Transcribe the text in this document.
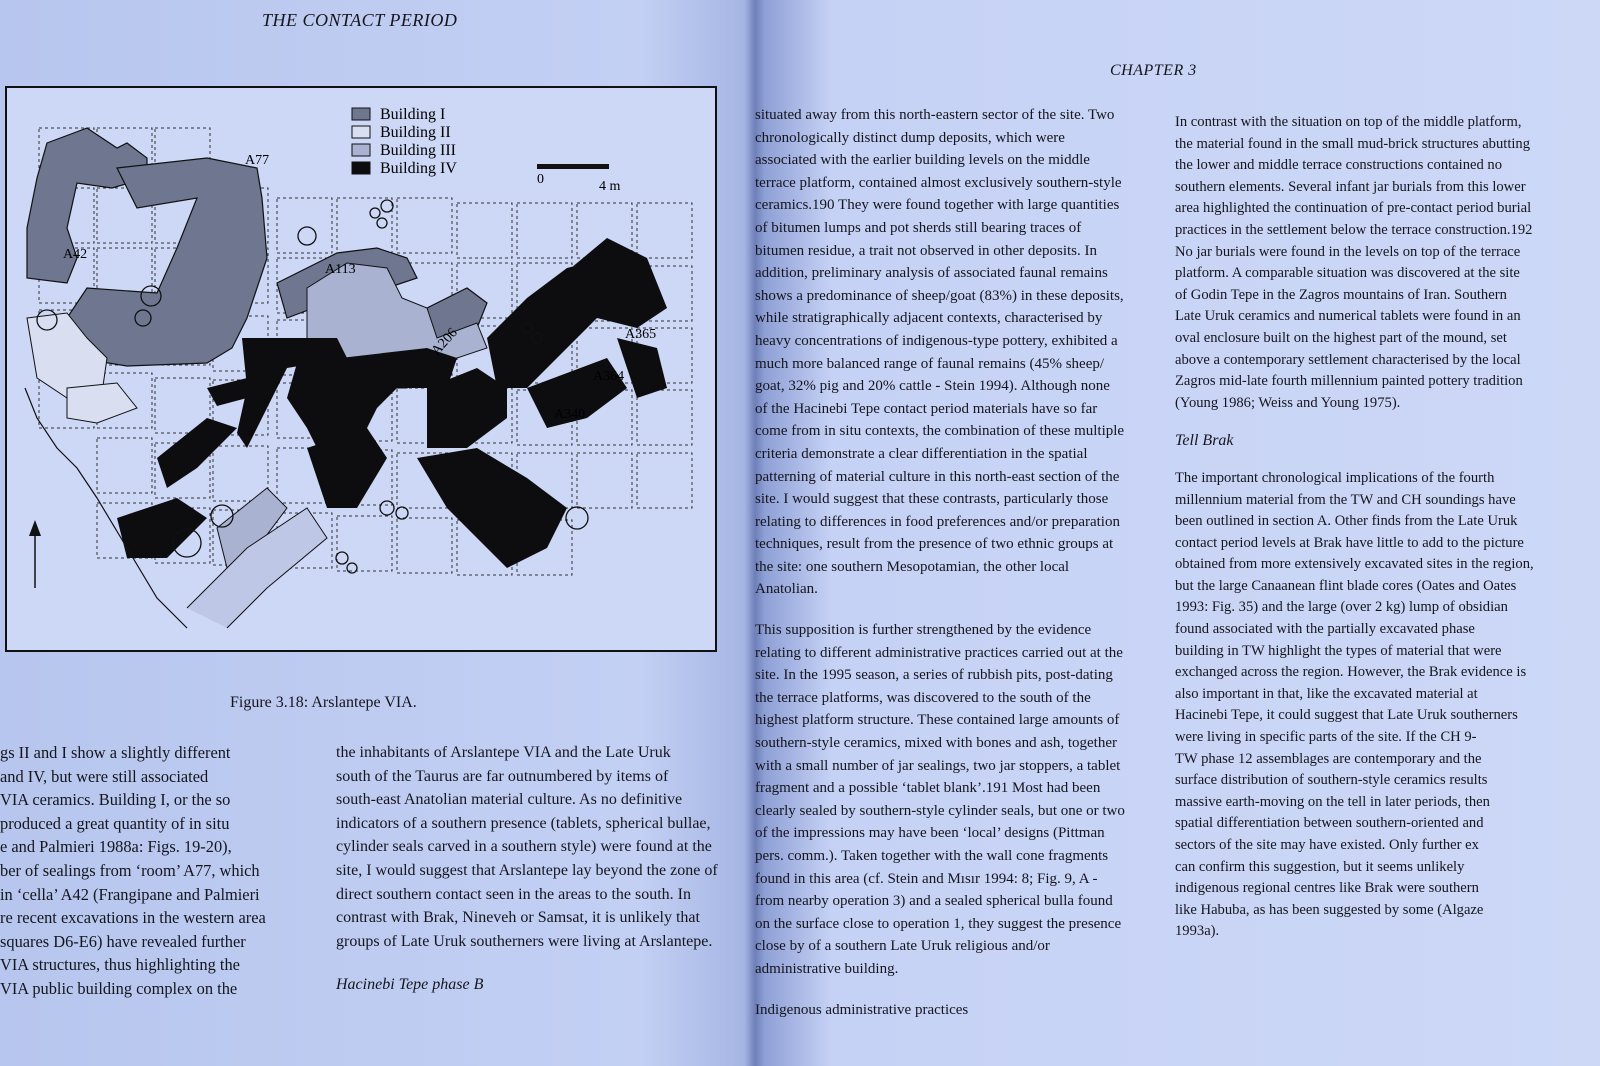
THE CONTACT PERIOD
Building I
Building II
Building III
Building IV
0	4 m
A77
A42
A113
A206	A365
A364
A340
Figure 3.18: Arslantepe VIA.
gs II and I show a slightly different
and IV, but were still associated
VIA ceramics. Building I, or the so
produced a great quantity of in situ
e and Palmieri 1988a: Figs. 19-20),
ber of sealings from ‘room’ A77, which
in ‘cella’ A42 (Frangipane and Palmieri
re recent excavations in the western area
squares D6-E6) have revealed further
VIA structures, thus highlighting the
VIA public building complex on the
the inhabitants of Arslantepe VIA and the Late Uruk
south of the Taurus are far outnumbered by items of
south-east Anatolian material culture. As no definitive
indicators of a southern presence (tablets, spherical bullae,
cylinder seals carved in a southern style) were found at the
site, I would suggest that Arslantepe lay beyond the zone of
direct southern contact seen in the areas to the south. In
contrast with Brak, Nineveh or Samsat, it is unlikely that
groups of Late Uruk southerners were living at Arslantepe.
Hacinebi Tepe phase B
CHAPTER 3
situated away from this north-eastern sector of the site. Two
chronologically distinct dump deposits, which were
associated with the earlier building levels on the middle
terrace platform, contained almost exclusively southern-style
ceramics.190 They were found together with large quantities
of bitumen lumps and pot sherds still bearing traces of
bitumen residue, a trait not observed in other deposits. In
addition, preliminary analysis of associated faunal remains
shows a predominance of sheep/goat (83%) in these deposits,
while stratigraphically adjacent contexts, characterised by
heavy concentrations of indigenous-type pottery, exhibited a
much more balanced range of faunal remains (45% sheep/
goat, 32% pig and 20% cattle - Stein 1994). Although none
of the Hacinebi Tepe contact period materials have so far
come from in situ contexts, the combination of these multiple
criteria demonstrate a clear differentiation in the spatial
patterning of material culture in this north-east section of the
site. I would suggest that these contrasts, particularly those
relating to differences in food preferences and/or preparation
techniques, result from the presence of two ethnic groups at
the site: one southern Mesopotamian, the other local
Anatolian.
This supposition is further strengthened by the evidence
relating to different administrative practices carried out at the
site. In the 1995 season, a series of rubbish pits, post-dating
the terrace platforms, was discovered to the south of the
highest platform structure. These contained large amounts of
southern-style ceramics, mixed with bones and ash, together
with a small number of jar sealings, two jar stoppers, a tablet
fragment and a possible ‘tablet blank’.191 Most had been
clearly sealed by southern-style cylinder seals, but one or two
of the impressions may have been ‘local’ designs (Pittman
pers. comm.). Taken together with the wall cone fragments
found in this area (cf. Stein and Mısır 1994: 8; Fig. 9, A -
from nearby operation 3) and a sealed spherical bulla found
on the surface close to operation 1, they suggest the presence
close by of a southern Late Uruk religious and/or
administrative building.
Indigenous administrative practices
In contrast with the situation on top of the middle platform,
the material found in the small mud-brick structures abutting
the lower and middle terrace constructions contained no
southern elements. Several infant jar burials from this lower
area highlighted the continuation of pre-contact period burial
practices in the settlement below the terrace construction.192
No jar burials were found in the levels on top of the terrace
platform. A comparable situation was discovered at the site
of Godin Tepe in the Zagros mountains of Iran. Southern
Late Uruk ceramics and numerical tablets were found in an
oval enclosure built on the highest part of the mound, set
above a contemporary settlement characterised by the local
Zagros mid-late fourth millennium painted pottery tradition
(Young 1986; Weiss and Young 1975).
Tell Brak
The important chronological implications of the fourth
millennium material from the TW and CH soundings have
been outlined in section A. Other finds from the Late Uruk
contact period levels at Brak have little to add to the picture
obtained from more extensively excavated sites in the region,
but the large Canaanean flint blade cores (Oates and Oates
1993: Fig. 35) and the large (over 2 kg) lump of obsidian
found associated with the partially excavated phase
building in TW highlight the types of material that were
exchanged across the region. However, the Brak evidence is
also important in that, like the excavated material at
Hacinebi Tepe, it could suggest that Late Uruk southerners
were living in specific parts of the site. If the CH 9-
TW phase 12 assemblages are contemporary and the
surface distribution of southern-style ceramics results
massive earth-moving on the tell in later periods, then
spatial differentiation between southern-oriented and
sectors of the site may have existed. Only further ex
can confirm this suggestion, but it seems unlikely
indigenous regional centres like Brak were southern
like Habuba, as has been suggested by some (Algaze
1993a).
